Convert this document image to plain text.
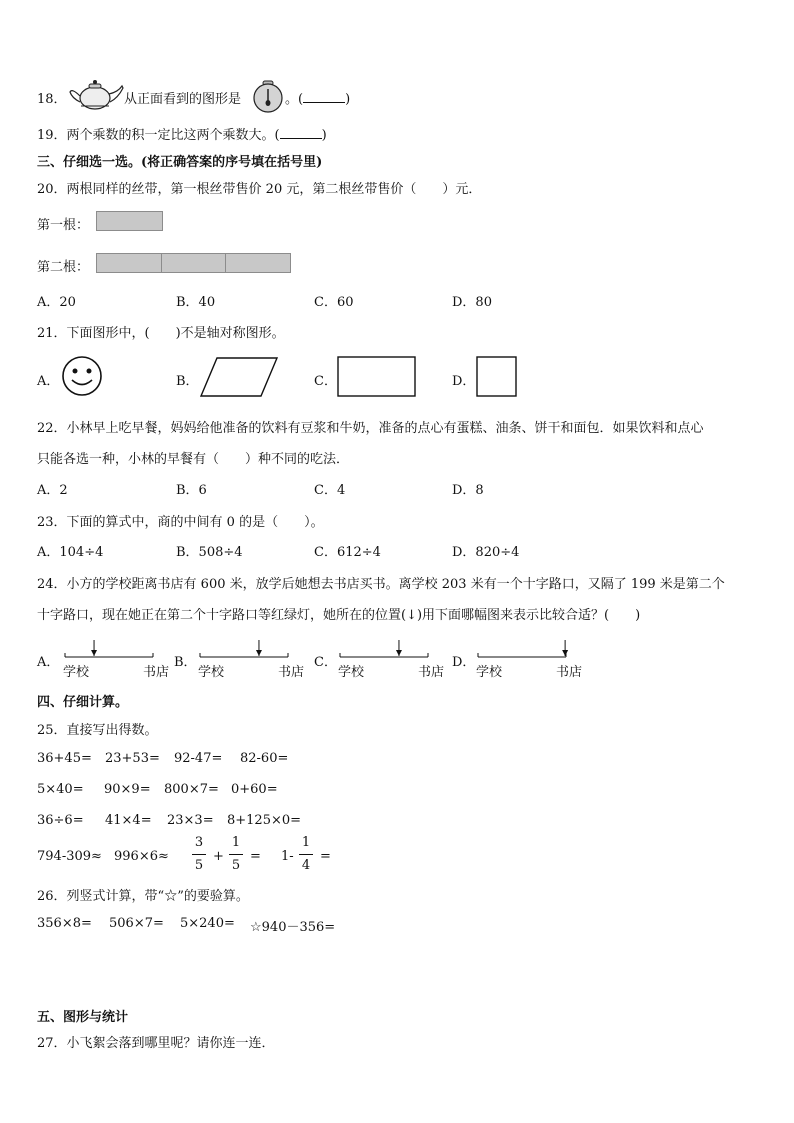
18．	从正面看到的图形是	。(	)
19．两个乘数的积一定比这两个乘数大。(	)
三、仔细选一选。(将正确答案的序号填在括号里)
20．两根同样的丝带，第一根丝带售价 20 元，第二根丝带售价（　　）元．
第一根：
第二根：
A．20	B．40	C．60	D．80
21．下面图形中，(　　)不是轴对称图形。
A．	B．	C．	D．
22．小林早上吃早餐，妈妈给他准备的饮料有豆浆和牛奶，准备的点心有蛋糕、油条、饼干和面包．如果饮料和点心
只能各选一种，小林的早餐有（　　）种不同的吃法．
A．2	B．6	C．4	D．8
23．下面的算式中，商的中间有 0 的是（　　）。
A．104÷4	B．508÷4	C．612÷4	D．820÷4
24．小方的学校距离书店有 600 米，放学后她想去书店买书。离学校 203 米有一个十字路口，又隔了 199 米是第二个
十字路口，现在她正在第二个十字路口等红绿灯，她所在的位置(↓)用下面哪幅图来表示比较合适？(　　)
A．	B．	C．	D．
学校	书店 学校	书店	学校	书店 学校	书店
四、仔细计算。
25．直接写出得数。
36+45= 23+53= 92-47= 82-60=
5×40= 90×9= 800×7= 0+60=
36÷6= 41×4= 23×3= 8+125×0=
794-309≈ 996×6≈
3
5
+
1
5
= 1-
1
4
=
26．列竖式计算，带“☆”的要验算。
356×8= 506×7= 5×240= ☆940－356=
五、图形与统计
27．小飞絮会落到哪里呢？请你连一连．
